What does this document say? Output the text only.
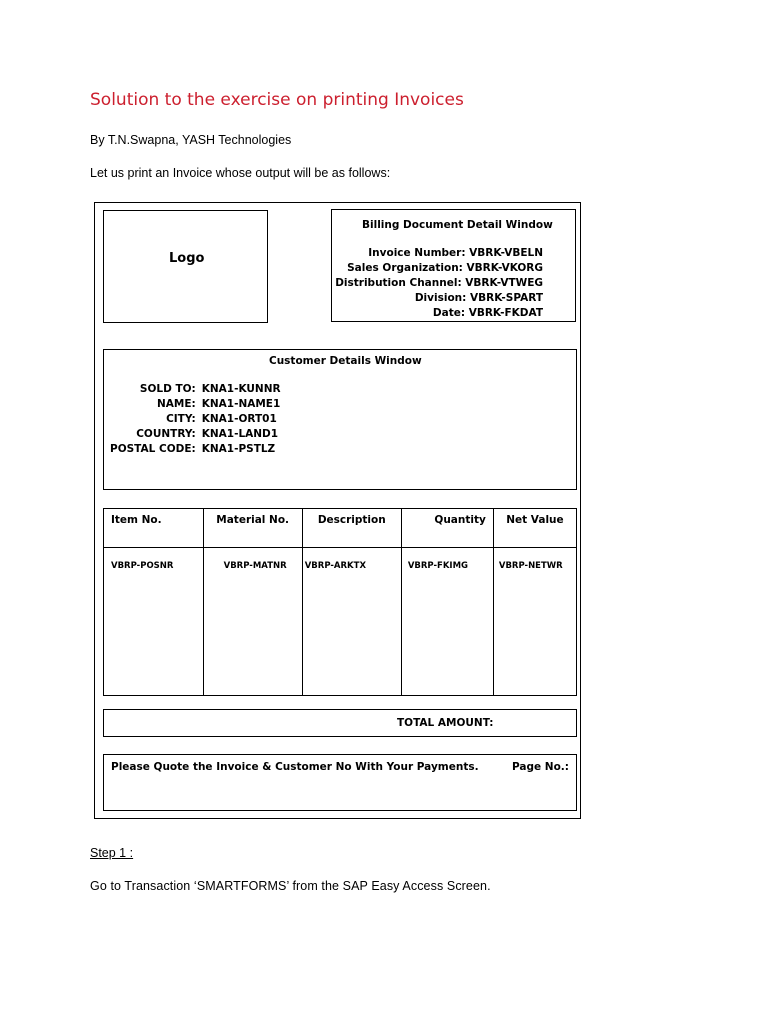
Solution to the exercise on printing Invoices
By T.N.Swapna, YASH Technologies
Let us print an Invoice whose output will be as follows:
Logo
Billing Document Detail Window
Invoice Number: VBRK-VBELN
Sales Organization: VBRK-VKORG
Distribution Channel: VBRK-VTWEG
Division: VBRK-SPART
Date: VBRK-FKDAT
Customer Details Window
SOLD TO: KNA1-KUNNR
NAME: KNA1-NAME1
CITY: KNA1-ORT01
COUNTRY: KNA1-LAND1
POSTAL CODE: KNA1-PSTLZ
Item No.	Material No.	Description	Quantity	Net Value

VBRP-POSNR	VBRP-MATNR	VBRP-ARKTX	VBRP-FKIMG	VBRP-NETWR
TOTAL AMOUNT:
Please Quote the Invoice & Customer No With Your Payments.	Page No.:
Step 1 :
Go to Transaction ‘SMARTFORMS’ from the SAP Easy Access Screen.
